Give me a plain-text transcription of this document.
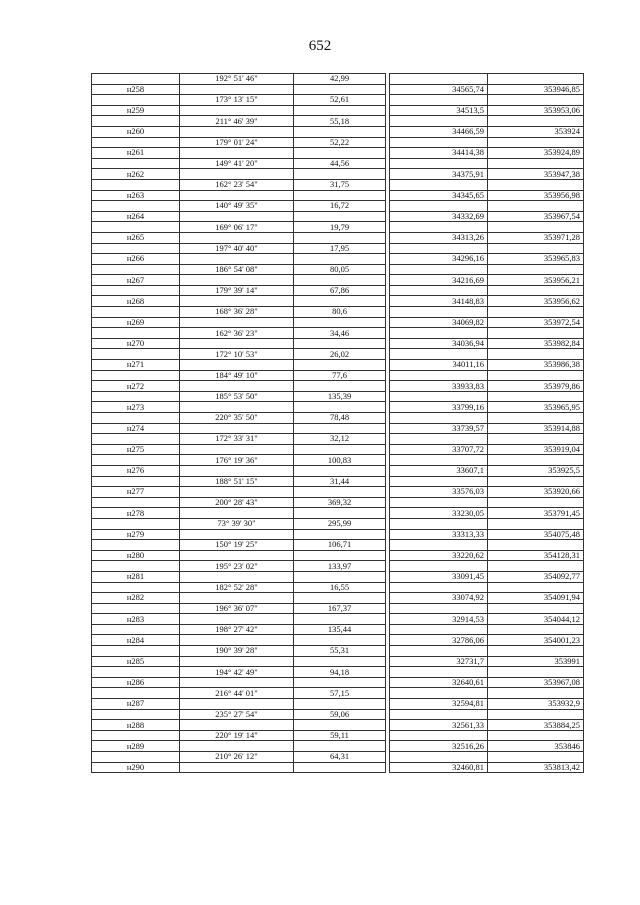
652
	192° 51' 46"	42,99			
н258				34565,74	353946,85
	173° 13' 15"	52,61			
н259				34513,5	353953,06
	211° 46' 39"	55,18			
н260				34466,59	353924
	179° 01' 24"	52,22			
н261				34414,38	353924,89
	149° 41' 20"	44,56			
н262				34375,91	353947,38
	162° 23' 54"	31,75			
н263				34345,65	353956,98
	140° 49' 35"	16,72			
н264				34332,69	353967,54
	169° 06' 17"	19,79			
н265				34313,26	353971,28
	197° 40' 40"	17,95			
н266				34296,16	353965,83
	186° 54' 08"	80,05			
н267				34216,69	353956,21
	179° 39' 14"	67,86			
н268				34148,83	353956,62
	168° 36' 28"	80,6			
н269				34069,82	353972,54
	162° 36' 23"	34,46			
н270				34036,94	353982,84
	172° 10' 53"	26,02			
н271				34011,16	353986,38
	184° 49' 10"	77,6			
н272				33933,83	353979,86
	185° 53' 50"	135,39			
н273				33799,16	353965,95
	220° 35' 50"	78,48			
н274				33739,57	353914,88
	172° 33' 31"	32,12			
н275				33707,72	353919,04
	176° 19' 36"	100,83			
н276				33607,1	353925,5
	188° 51' 15"	31,44			
н277				33576,03	353920,66
	200° 28' 43"	369,32			
н278				33230,05	353791,45
	73° 39' 30"	295,99			
н279				33313,33	354075,48
	150° 19' 25"	106,71			
н280				33220,62	354128,31
	195° 23' 02"	133,97			
н281				33091,45	354092,77
	182° 52' 28"	16,55			
н282				33074,92	354091,94
	196° 36' 07"	167,37			
н283				32914,53	354044,12
	198° 27' 42"	135,44			
н284				32786,06	354001,23
	190° 39' 28"	55,31			
н285				32731,7	353991
	194° 42' 49"	94,18			
н286				32640,61	353967,08
	216° 44' 01"	57,15			
н287				32594,81	353932,9
	235° 27' 54"	59,06			
н288				32561,33	353884,25
	220° 19' 14"	59,11			
н289				32516,26	353846
	210° 26' 12"	64,31			
н290				32460,81	353813,42
